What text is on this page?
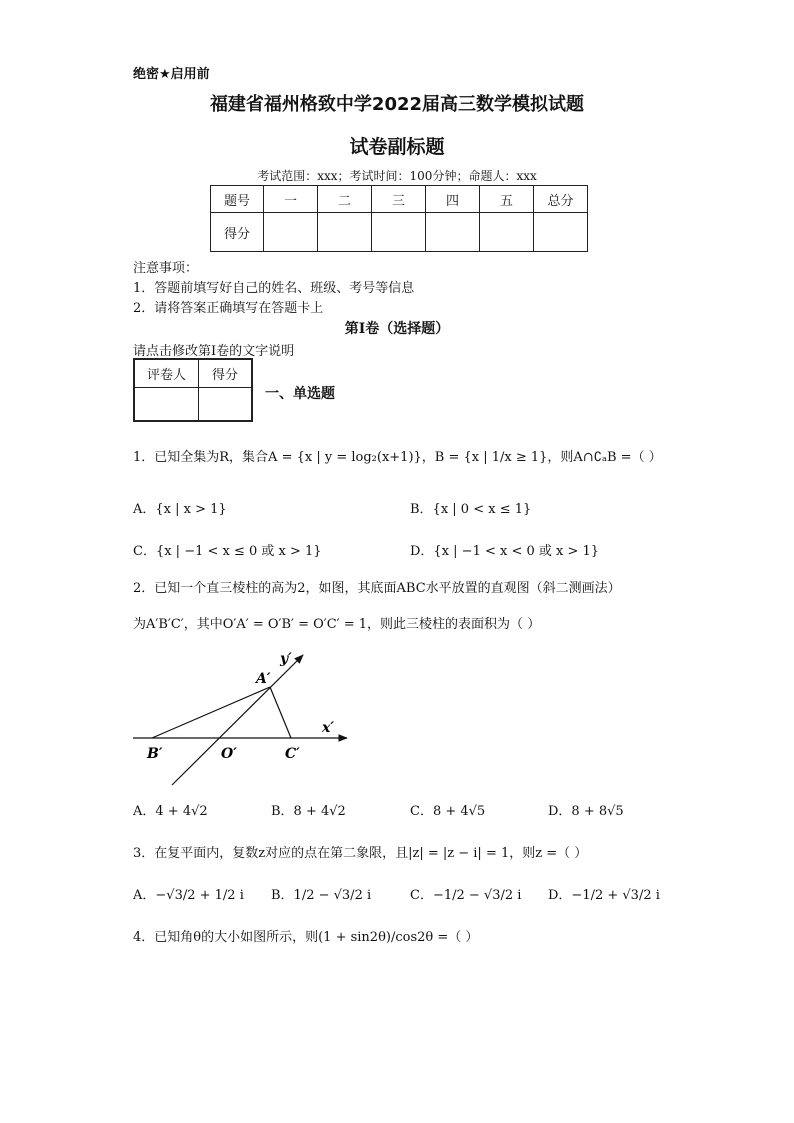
绝密★启用前
福建省福州格致中学2022届高三数学模拟试题
试卷副标题
考试范围：xxx；考试时间：100分钟；命题人：xxx
题号	一	二	三	四	五	总分
得分						
注意事项：
1．答题前填写好自己的姓名、班级、考号等信息
2．请将答案正确填写在答题卡上
第I卷（选择题）
请点击修改第I卷的文字说明
评卷人	得分

一、单选题
1．已知全集为R，集合A = {x | y = log₂(x+1)}，B = {x | 1/x ≥ 1}，则A∩∁ₐB =（ ）
A．{x | x > 1}	B．{x | 0 < x ≤ 1}
C．{x | −1 < x ≤ 0 或 x > 1}	D．{x | −1 < x < 0 或 x > 1}
2．已知一个直三棱柱的高为2，如图，其底面ABC水平放置的直观图（斜二测画法）
为A′B′C′，其中O′A′ = O′B′ = O′C′ = 1，则此三棱柱的表面积为（ ）
y′
A′
x′
B′	O′	C′
A．4 + 4√2	B．8 + 4√2	C．8 + 4√5	D．8 + 8√5
3．在复平面内，复数z对应的点在第二象限，且|z| = |z − i| = 1，则z =（ ）
A．−√3/2 + 1/2 i B．1/2 − √3/2 i	C．−1/2 − √3/2 i D．−1/2 + √3/2 i
4．已知角θ的大小如图所示，则(1 + sin2θ)/cos2θ =（ ）
